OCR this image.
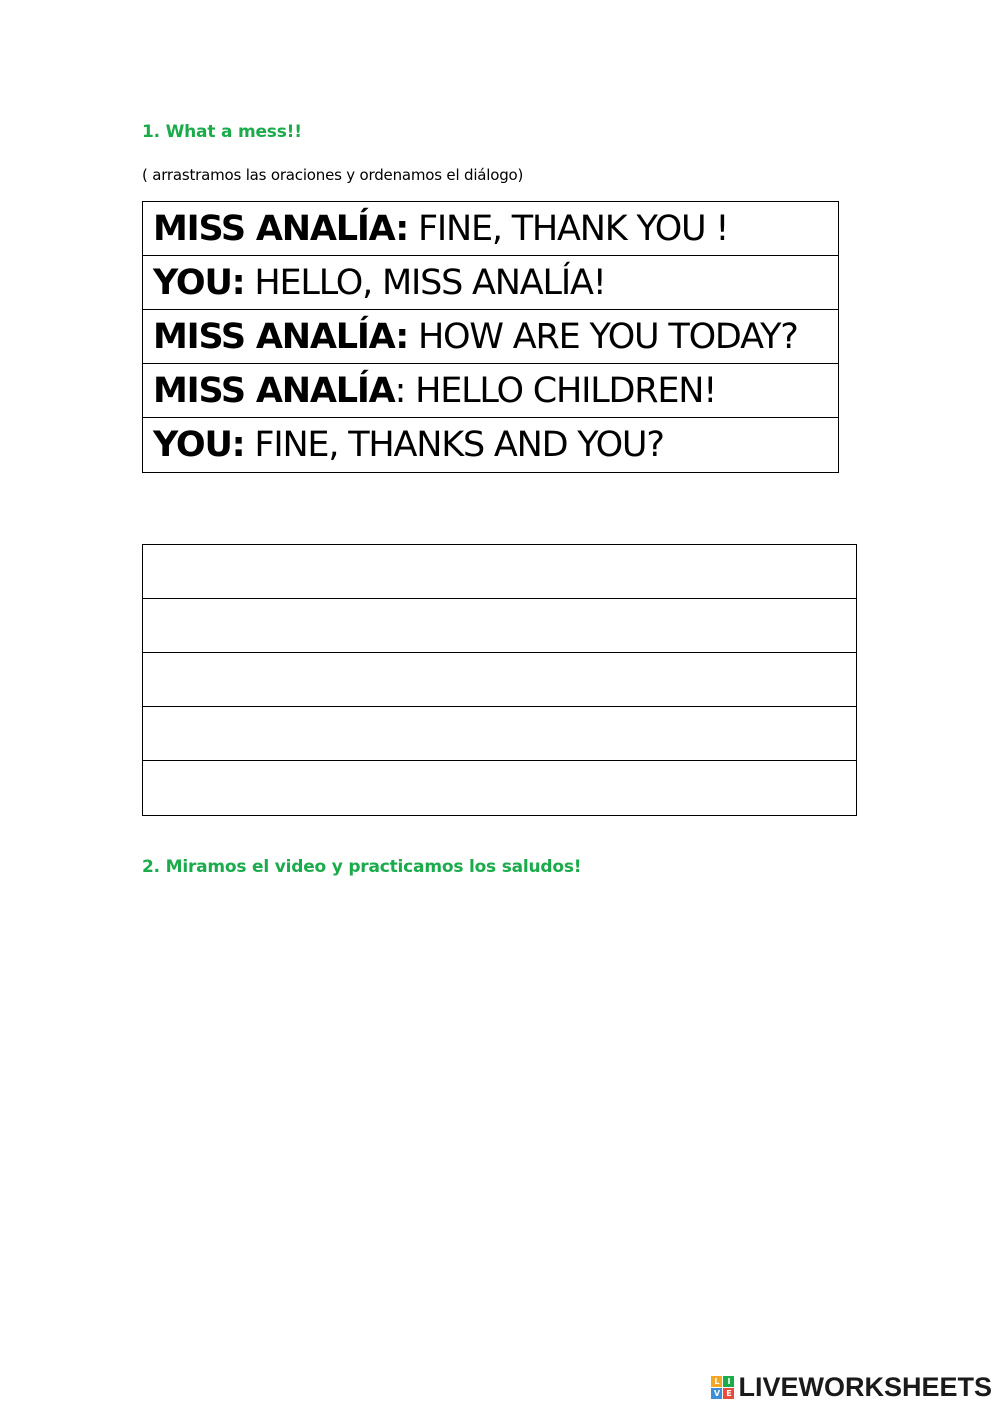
1. What a mess!!
( arrastramos las oraciones y ordenamos el diálogo)
MISS ANALÍA: FINE, THANK YOU !
YOU: HELLO, MISS ANALÍA!
MISS ANALÍA: HOW ARE YOU TODAY?
MISS ANALÍA : HELLO CHILDREN!
YOU: FINE, THANKS AND YOU?
2. Miramos el video y practicamos los saludos!
L I
V E LIVEWORKSHEETS
